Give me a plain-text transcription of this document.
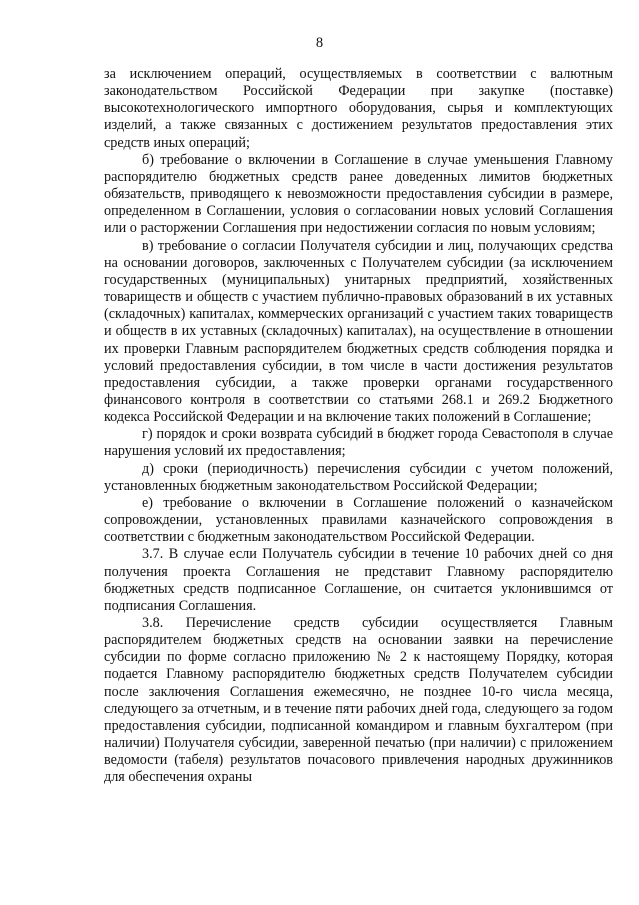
8

за исключением операций, осуществляемых в соответствии с валютным законодательством Российской Федерации при закупке (поставке) высокотехнологического импортного оборудования, сырья и комплектующих изделий, а также связанных с достижением результатов предоставления этих средств иных операций;

б) требование о включении в Соглашение в случае уменьшения Главному распорядителю бюджетных средств ранее доведенных лимитов бюджетных обязательств, приводящего к невозможности предоставления субсидии в размере, определенном в Соглашении, условия о согласовании новых условий Соглашения или о расторжении Соглашения при недостижении согласия по новым условиям;

в) требование о согласии Получателя субсидии и лиц, получающих средства на основании договоров, заключенных с Получателем субсидии (за исключением государственных (муниципальных) унитарных предприятий, хозяйственных товариществ и обществ с участием публично-правовых образований в их уставных (складочных) капиталах, коммерческих организаций с участием таких товариществ и обществ в их уставных (складочных) капиталах), на осуществление в отношении их проверки Главным распорядителем бюджетных средств соблюдения порядка и условий предоставления субсидии, в том числе в части достижения результатов предоставления субсидии, а также проверки органами государственного финансового контроля в соответствии со статьями 268.1 и 269.2 Бюджетного кодекса Российской Федерации и на включение таких положений в Соглашение;

г) порядок и сроки возврата субсидий в бюджет города Севастополя в случае нарушения условий их предоставления;

д) сроки (периодичность) перечисления субсидии с учетом положений, установленных бюджетным законодательством Российской Федерации;

е) требование о включении в Соглашение положений о казначейском сопровождении, установленных правилами казначейского сопровождения в соответствии с бюджетным законодательством Российской Федерации.

3.7. В случае если Получатель субсидии в течение 10 рабочих дней со дня получения проекта Соглашения не представит Главному распорядителю бюджетных средств подписанное Соглашение, он считается уклонившимся от подписания Соглашения.

3.8. Перечисление средств субсидии осуществляется Главным распорядителем бюджетных средств на основании заявки на перечисление субсидии по форме согласно приложению № 2 к настоящему Порядку, которая подается Главному распорядителю бюджетных средств Получателем субсидии после заключения Соглашения ежемесячно, не позднее 10-го числа месяца, следующего за отчетным, и в течение пяти рабочих дней года, следующего за годом предоставления субсидии, подписанной командиром и главным бухгалтером (при наличии) Получателя субсидии, заверенной печатью (при наличии) с приложением ведомости (табеля) результатов почасового привлечения народных дружинников для обеспечения охраны
